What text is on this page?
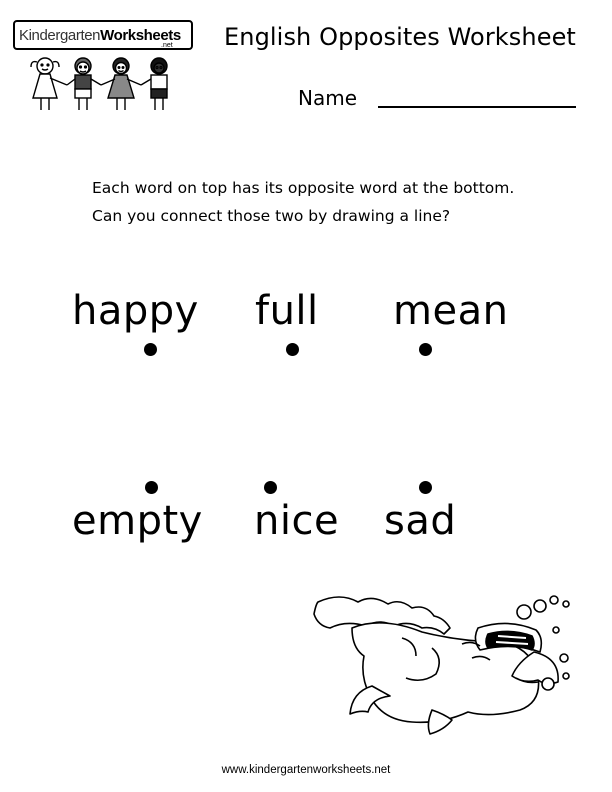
Kindergarten Worksheets
.net English Opposites Worksheet
Name
Each word on top has its opposite word at the bottom.
Can you connect those two by drawing a line?
happy full mean
empty nice sad
www.kindergartenworksheets.net
